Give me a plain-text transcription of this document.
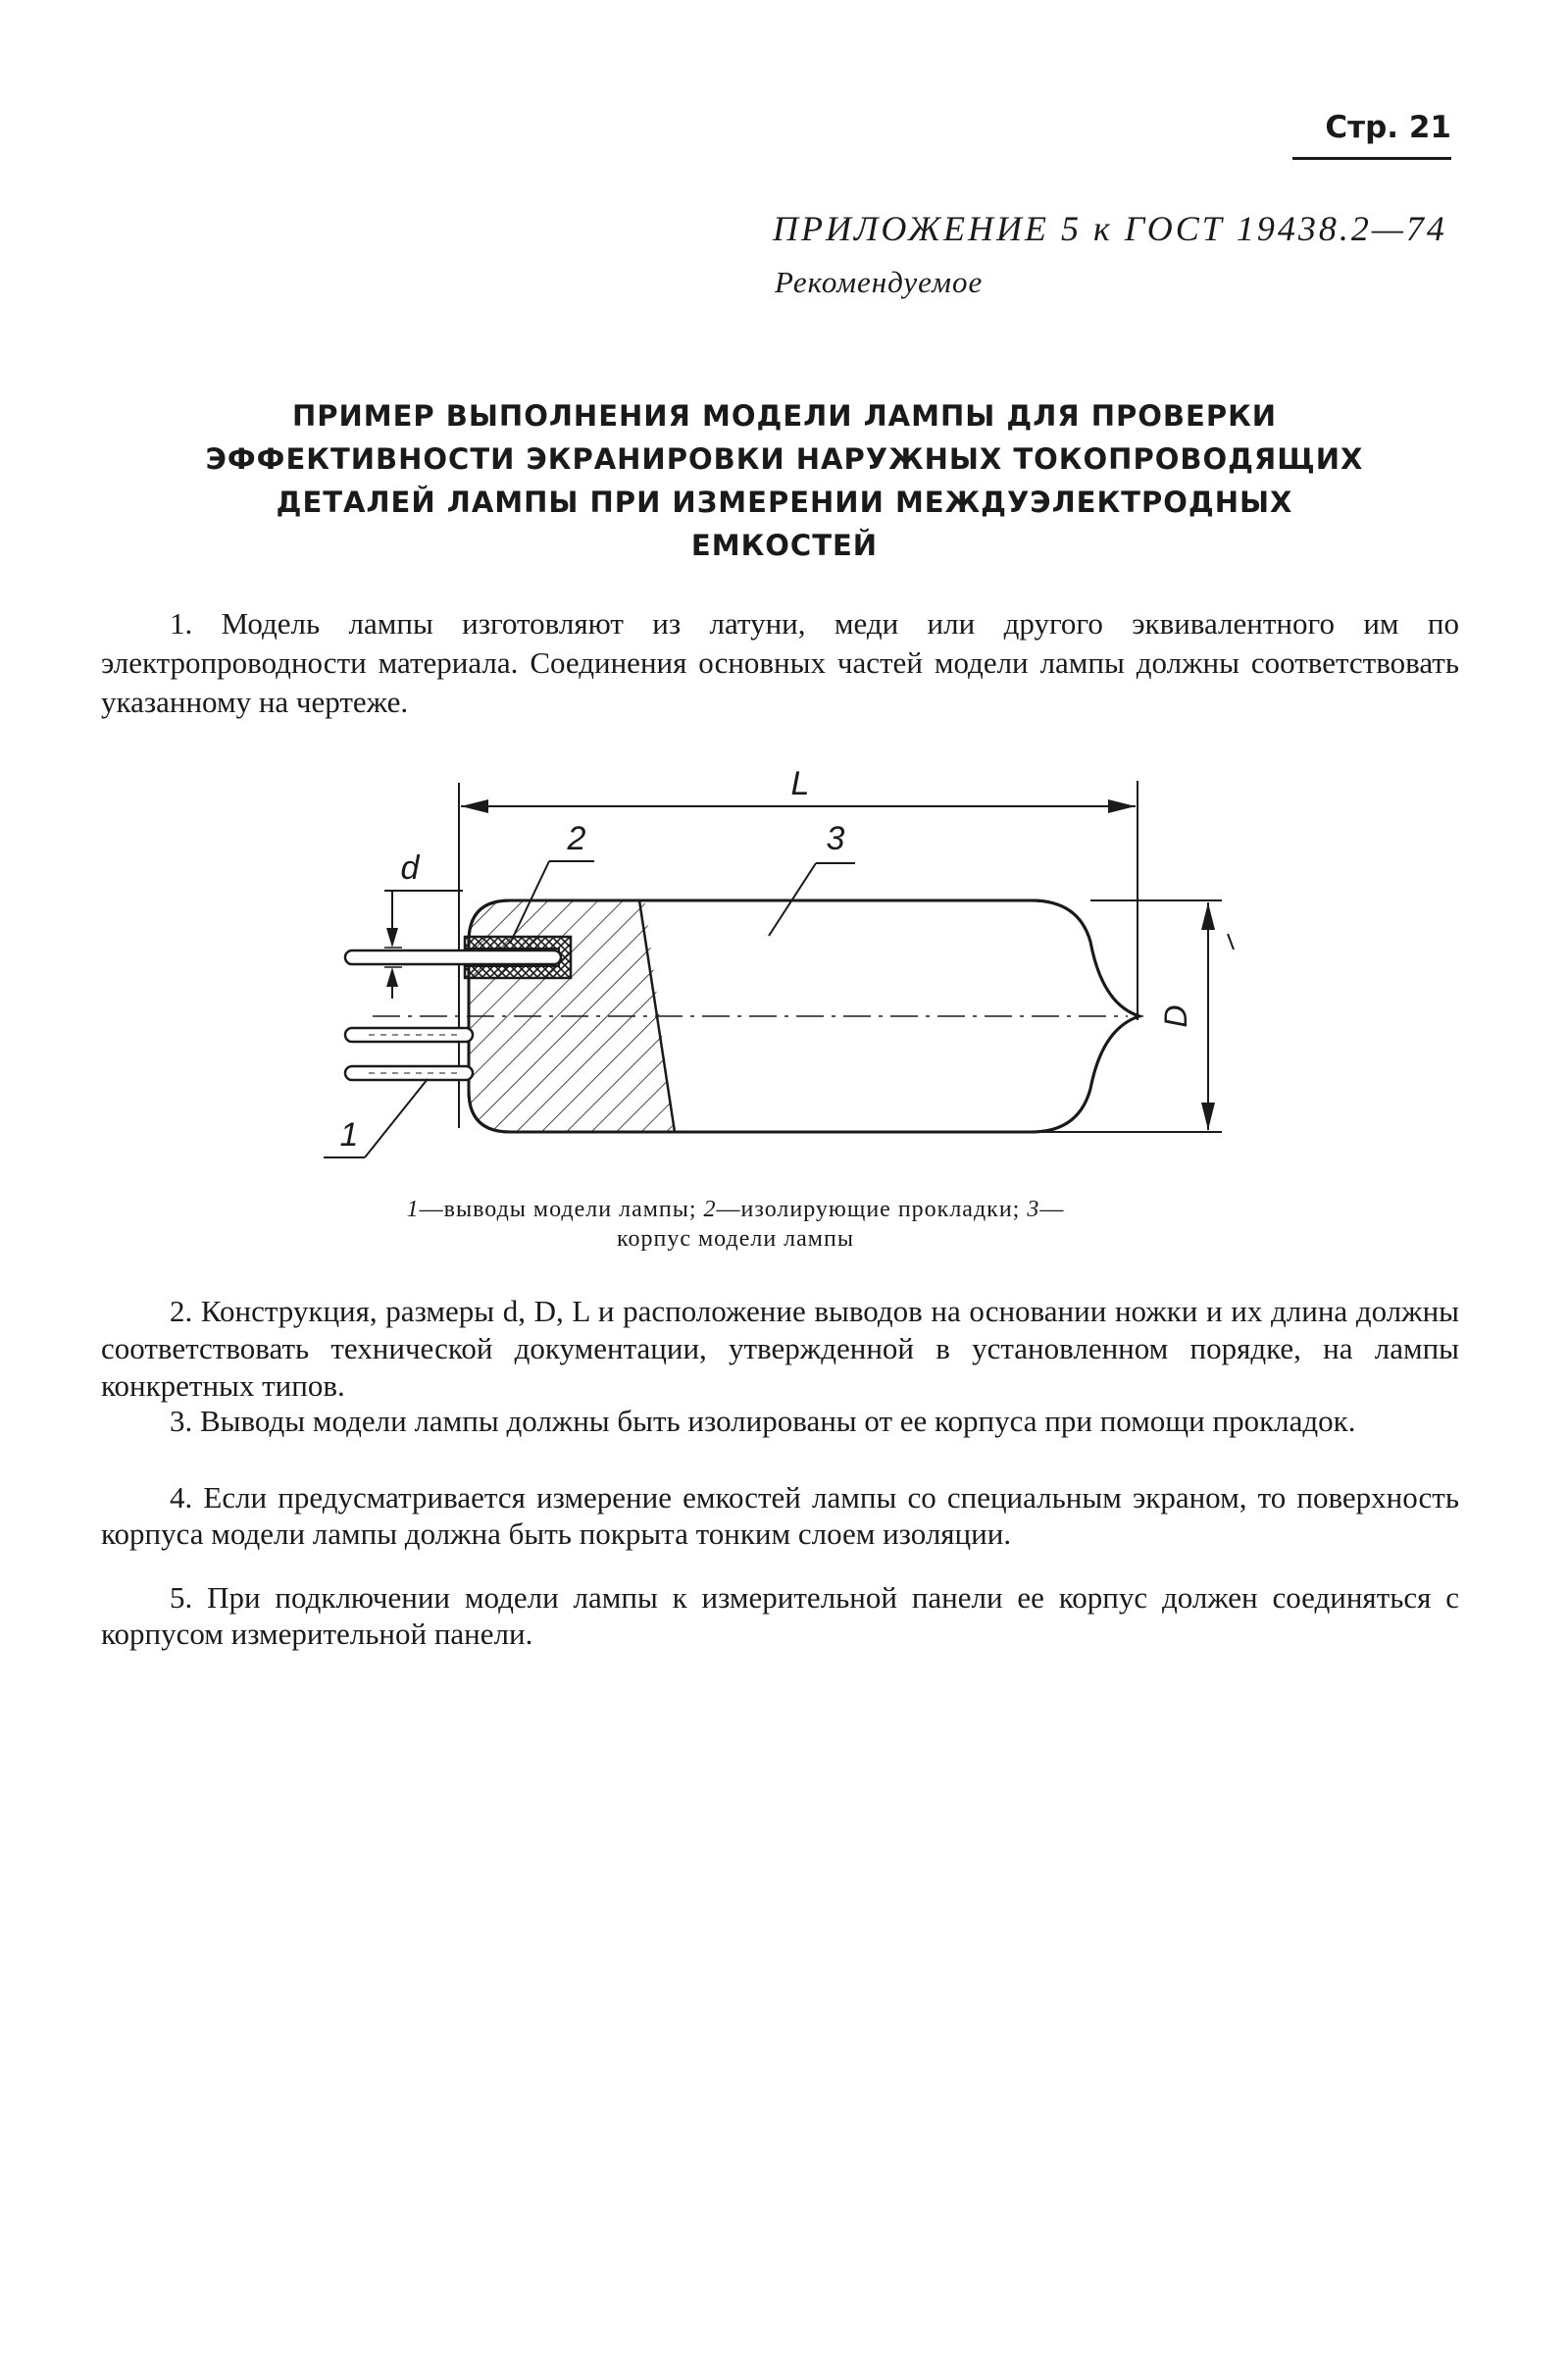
Стр. 21
ПРИЛОЖЕНИЕ 5 к ГОСТ 19438.2—74
Рекомендуемое
ПРИМЕР ВЫПОЛНЕНИЯ МОДЕЛИ ЛАМПЫ ДЛЯ ПРОВЕРКИ
ЭФФЕКТИВНОСТИ ЭКРАНИРОВКИ НАРУЖНЫХ ТОКОПРОВОДЯЩИХ
ДЕТАЛЕЙ ЛАМПЫ ПРИ ИЗМЕРЕНИИ МЕЖДУЭЛЕКТРОДНЫХ
ЕМКОСТЕЙ
1. Модель лампы изготовляют из латуни, меди или другого эквивалентного им по электропроводности материала. Соединения основных частей модели лампы должны соответствовать указанному на чертеже.
L
d
D
2	3
1
1—выводы модели лампы; 2—изолирующие прокладки; 3—
корпус модели лампы
2. Конструкция, размеры d, D, L и расположение выводов на основании ножки и их длина должны соответствовать технической документации, утвержденной в установленном порядке, на лампы конкретных типов.
3. Выводы модели лампы должны быть изолированы от ее корпуса при помощи прокладок.
4. Если предусматривается измерение емкостей лампы со специальным экраном, то поверхность корпуса модели лампы должна быть покрыта тонким слоем изоляции.
5. При подключении модели лампы к измерительной панели ее корпус должен соединяться с корпусом измерительной панели.
